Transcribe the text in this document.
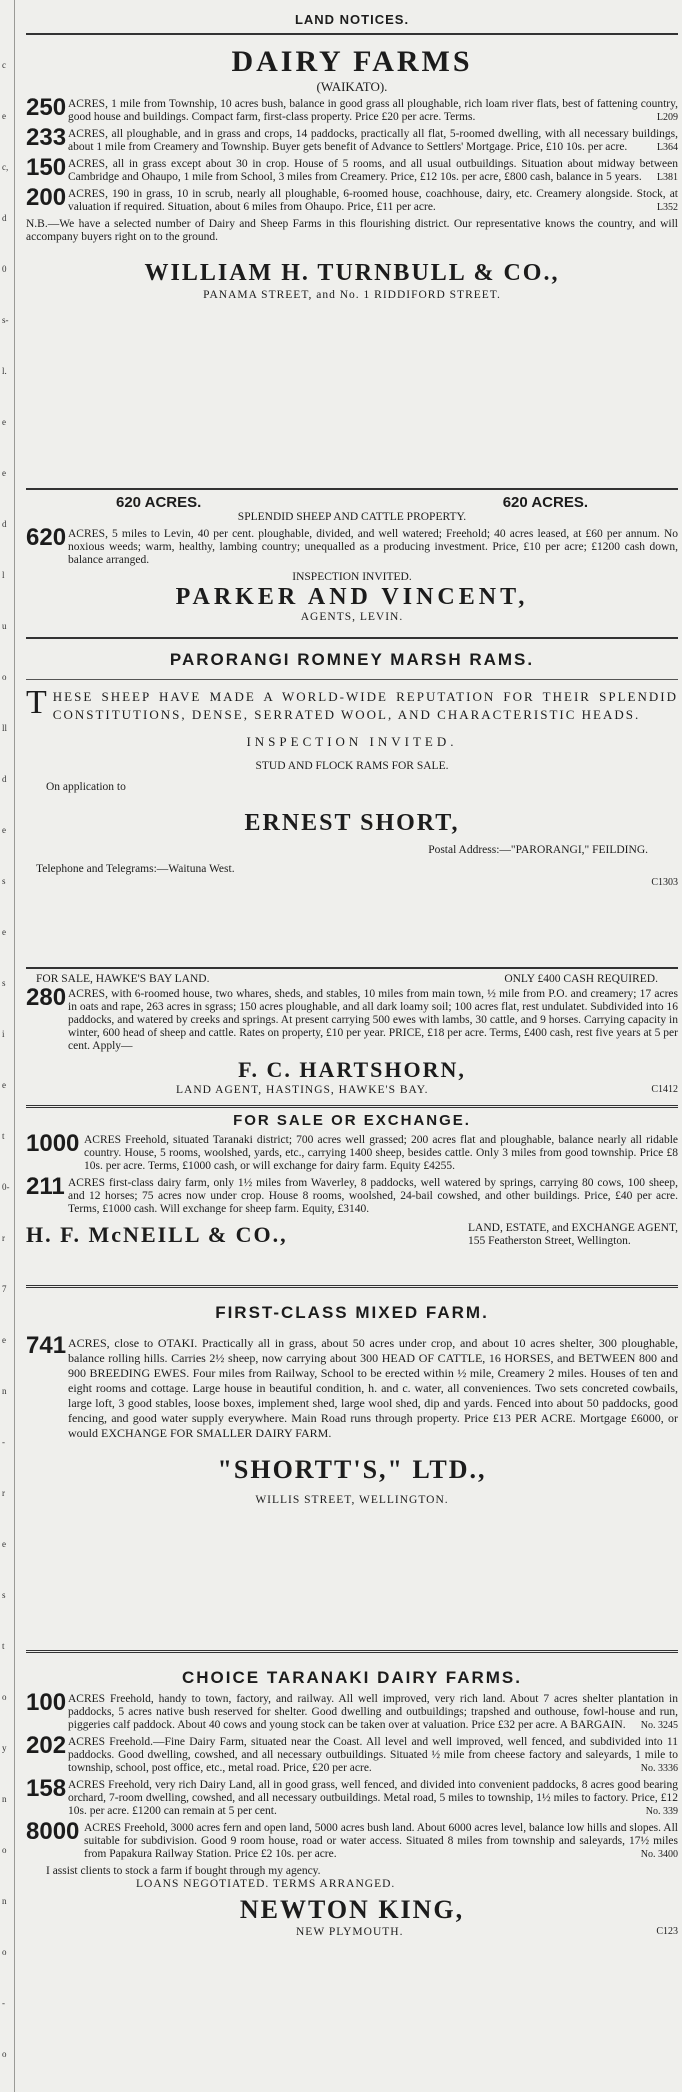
c
e
c,
d
0
s-
l.
e
e
d
l
u
o
ll
d
e
s
e
s
i
e
t
0-
r
7
e
n
-
r
e
s
t
o
y
n
o
n
o
-
o
LAND NOTICES.
DAIRY FARMS
(WAIKATO).
250 ACRES, 1 mile from Township, 10 acres bush, balance in good grass all ploughable, rich loam river flats, best of fattening country, good house and buildings. Compact farm, first-class property. Price £20 per acre. Terms.	L209
233 ACRES, all ploughable, and in grass and crops, 14 paddocks, practically all flat, 5-roomed dwelling, with all necessary buildings, about 1 mile from Creamery and Township. Buyer gets benefit of Advance to Settlers' Mortgage. Price, £10 10s. per acre.	L364
150 ACRES, all in grass except about 30 in crop. House of 5 rooms, and all usual outbuildings. Situation about midway between Cambridge and Ohaupo, 1 mile from School, 3 miles from Creamery. Price, £12 10s. per acre, £800 cash, balance in 5 years. L381
200 ACRES, 190 in grass, 10 in scrub, nearly all ploughable, 6-roomed house, coachhouse, dairy, etc. Creamery alongside. Stock, at valuation if required. Situation, about 6 miles from Ohaupo. Price, £11 per acre.	L352
N.B.—We have a selected number of Dairy and Sheep Farms in this flourishing district. Our representative knows the country, and will accompany buyers right on to the ground.
WILLIAM H. TURNBULL & CO.,
PANAMA STREET, and No. 1 RIDDIFORD STREET.
620 ACRES.	620 ACRES.
SPLENDID SHEEP AND CATTLE PROPERTY.
620 ACRES, 5 miles to Levin, 40 per cent. ploughable, divided, and well watered; Freehold; 40 acres leased, at £60 per annum. No noxious weeds; warm, healthy, lambing country; unequalled as a producing investment. Price, £10 per acre; £1200 cash down, balance arranged.
INSPECTION INVITED.
PARKER AND VINCENT,
AGENTS, LEVIN.
PARORANGI ROMNEY MARSH RAMS.
T HESE SHEEP HAVE MADE A WORLD-WIDE REPUTATION FOR THEIR SPLENDID CONSTITUTIONS, DENSE, SERRATED WOOL, AND CHARACTERISTIC HEADS.
INSPECTION INVITED.
STUD AND FLOCK RAMS FOR SALE.
On application to
ERNEST SHORT,
Postal Address:—"PARORANGI," FEILDING.
Telephone and Telegrams:—Waituna West.
C1303
FOR SALE, HAWKE'S BAY LAND.	ONLY £400 CASH REQUIRED.
280 ACRES, with 6-roomed house, two whares, sheds, and stables, 10 miles from main town, ½ mile from P.O. and creamery; 17 acres in oats and rape, 263 acres in sgrass; 150 acres ploughable, and all dark loamy soil; 100 acres flat, rest undulatet. Subdivided into 16 paddocks, and watered by creeks and springs. At present carrying 500 ewes with lambs, 30 cattle, and 9 horses. Carrying capacity in winter, 600 head of sheep and cattle. Rates on property, £10 per year. PRICE, £18 per acre. Terms, £400 cash, rest five years at 5 per cent. Apply—
F. C. HARTSHORN,
LAND AGENT, HASTINGS, HAWKE'S BAY.	C1412
FOR SALE OR EXCHANGE.
1000 ACRES Freehold, situated Taranaki district; 700 acres well grassed; 200 acres flat and ploughable, balance nearly all ridable country. House, 5 rooms, woolshed, yards, etc., carrying 1400 sheep, besides cattle. Only 3 miles from good township. Price £8 10s. per acre. Terms, £1000 cash, or will exchange for dairy farm. Equity £4255.
211 ACRES first-class dairy farm, only 1½ miles from Waverley, 8 paddocks, well watered by springs, carrying 80 cows, 100 sheep, and 12 horses; 75 acres now under crop. House 8 rooms, woolshed, 24-bail cowshed, and other buildings. Price, £40 per acre. Terms, £1000 cash. Will exchange for sheep farm. Equity, £3140.
H. F. McNEILL & CO.,	LAND, ESTATE, and EXCHANGE AGENT,
155 Featherston Street, Wellington.
FIRST-CLASS MIXED FARM.
741 ACRES, close to OTAKI. Practically all in grass, about 50 acres under crop, and about 10 acres shelter, 300 ploughable, balance rolling hills. Carries 2½ sheep, now carrying about 300 HEAD OF CATTLE, 16 HORSES, and BETWEEN 800 and 900 BREEDING EWES. Four miles from Railway, School to be erected within ½ mile, Creamery 2 miles. Houses of ten and eight rooms and cottage. Large house in beautiful condition, h. and c. water, all conveniences. Two sets concreted cowbails, large loft, 3 good stables, loose boxes, implement shed, large wool shed, dip and yards. Fenced into about 50 paddocks, good fencing, and good water supply everywhere. Main Road runs through property. Price £13 PER ACRE. Mortgage £6000, or would EXCHANGE FOR SMALLER DAIRY FARM.
"SHORTT'S," LTD.,
WILLIS STREET, WELLINGTON.
CHOICE TARANAKI DAIRY FARMS.
100 ACRES Freehold, handy to town, factory, and railway. All well improved, very rich land. About 7 acres shelter plantation in paddocks, 5 acres native bush reserved for shelter. Good dwelling and outbuildings; trapshed and outhouse, fowl-house and run, piggeries calf paddock. About 40 cows and young stock can be taken over at valuation. Price £32 per acre. A BARGAIN. No. 3245
202 ACRES Freehold.—Fine Dairy Farm, situated near the Coast. All level and well improved, well fenced, and subdivided into 11 paddocks. Good dwelling, cowshed, and all necessary outbuildings. Situated ½ mile from cheese factory and saleyards, 1 mile to township, school, post office, etc., metal road. Price, £20 per acre.	No. 3336
158 ACRES Freehold, very rich Dairy Land, all in good grass, well fenced, and divided into convenient paddocks, 8 acres good bearing orchard, 7-room dwelling, cowshed, and all necessary outbuildings. Metal road, 5 miles to township, 1½ miles to factory. Price, £12 10s. per acre. £1200 can remain at 5 per cent.	No. 339
8000 ACRES Freehold, 3000 acres fern and open land, 5000 acres bush land. About 6000 acres level, balance low hills and slopes. All suitable for subdivision. Good 9 room house, road or water access. Situated 8 miles from township and saleyards, 17½ miles from Papakura Railway Station. Price £2 10s. per acre.	No. 3400
I assist clients to stock a farm if bought through my agency.
LOANS NEGOTIATED. TERMS ARRANGED.
NEWTON KING,
NEW PLYMOUTH.	C123
